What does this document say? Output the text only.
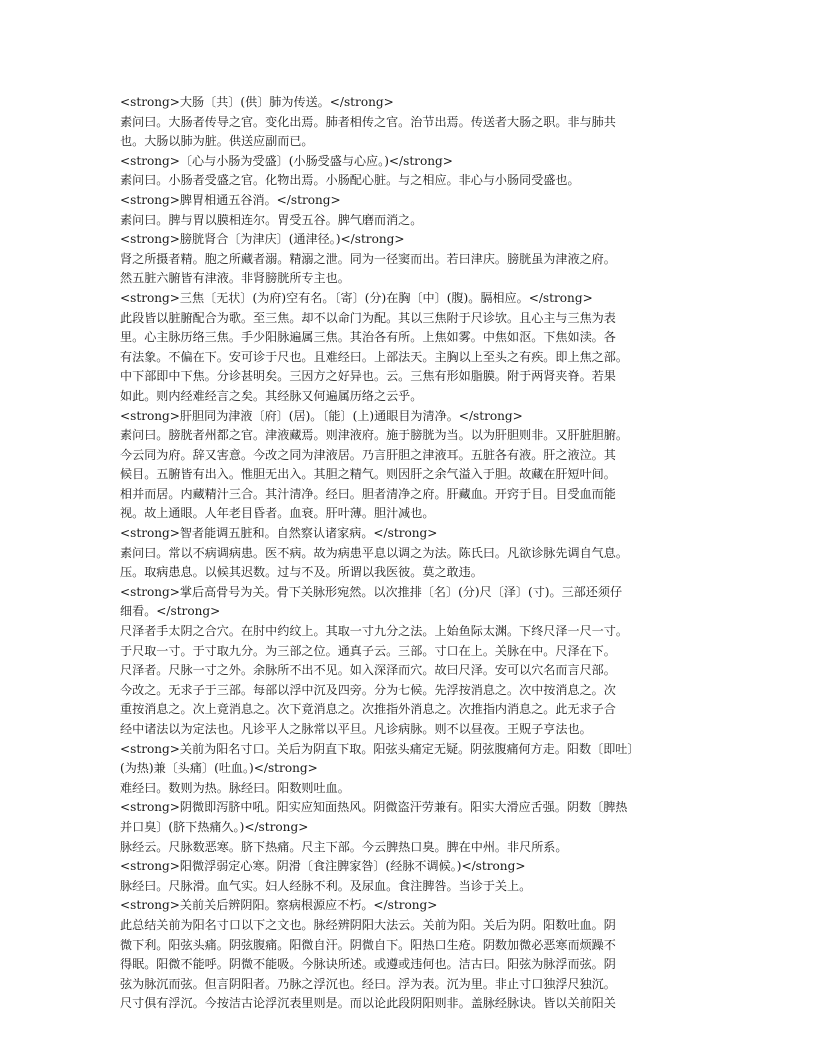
<strong>大肠〔共〕(供〕肺为传送。</strong>

素问曰。大肠者传导之官。变化出焉。肺者相传之官。治节出焉。传送者大肠之职。非与肺共

也。大肠以肺为脏。供送应副而已。

<strong>〔心与小肠为受盛〕(小肠受盛与心应。)</strong>

素问曰。小肠者受盛之官。化物出焉。小肠配心脏。与之相应。非心与小肠同受盛也。

<strong>脾胃相通五谷消。</strong>

素问曰。脾与胃以膜相连尔。胃受五谷。脾气磨而消之。

<strong>膀胱肾合〔为津庆〕(通津径。)</strong>

肾之所摄者精。胞之所藏者溺。精溺之泄。同为一径窦而出。若曰津庆。膀胱虽为津液之府。

然五脏六腑皆有津液。非肾膀胱所专主也。

<strong>三焦〔无状〕(为府)空有名。〔寄〕(分)在胸〔中〕(腹)。膈相应。</strong>

此段皆以脏腑配合为歌。至三焦。却不以命门为配。其以三焦附于尺诊欤。且心主与三焦为表

里。心主脉历络三焦。手少阳脉遍属三焦。其治各有所。上焦如雾。中焦如沤。下焦如渎。各

有法象。不偏在下。安可诊于尺也。且难经曰。上部法天。主胸以上至头之有疾。即上焦之部。

中下部即中下焦。分诊甚明矣。三因方之好异也。云。三焦有形如脂膜。附于两肾夹脊。若果

如此。则内经难经言之矣。其经脉又何遍属历络之云乎。

<strong>肝胆同为津液〔府〕(居)。〔能〕(上)通眼目为清净。</strong>

素问曰。膀胱者州都之官。津液藏焉。则津液府。施于膀胱为当。以为肝胆则非。又肝脏胆腑。

今云同为府。辞又害意。今改之同为津液居。乃言肝胆之津液耳。五脏各有液。肝之液泣。其

候目。五腑皆有出入。惟胆无出入。其胆之精气。则因肝之余气溢入于胆。故藏在肝短叶间。

相并而居。内藏精汁三合。其汁清净。经曰。胆者清净之府。肝藏血。开窍于目。目受血而能

视。故上通眼。人年老目昏者。血衰。肝叶薄。胆汁减也。

<strong>智者能调五脏和。自然察认诸家病。</strong>

素问曰。常以不病调病患。医不病。故为病患平息以调之为法。陈氏曰。凡欲诊脉先调自气息。

压。取病患息。以候其迟数。过与不及。所谓以我医彼。莫之敢违。

<strong>掌后高骨号为关。骨下关脉形宛然。以次推排〔名〕(分)尺〔泽〕(寸)。三部还须仔

细看。</strong>

尺泽者手太阴之合穴。在肘中约纹上。其取一寸九分之法。上始鱼际太渊。下终尺泽一尺一寸。

于尺取一寸。于寸取九分。为三部之位。通真子云。三部。寸口在上。关脉在中。尺泽在下。

尺泽者。尺脉一寸之外。余脉所不出不见。如入深泽而穴。故曰尺泽。安可以穴名而言尺部。

今改之。无求子于三部。每部以浮中沉及四旁。分为七候。先浮按消息之。次中按消息之。次

重按消息之。次上竟消息之。次下竟消息之。次推指外消息之。次推指内消息之。此无求子合

经中诸法以为定法也。凡诊平人之脉常以平旦。凡诊病脉。则不以昼夜。王贶子亨法也。

<strong>关前为阳名寸口。关后为阴直下取。阳弦头痛定无疑。阴弦腹痛何方走。阳数〔即吐〕

(为热)兼〔头痛〕(吐血。)</strong>

难经曰。数则为热。脉经曰。阳数则吐血。

<strong>阴微即泻脐中吼。阳实应知面热风。阴微盗汗劳兼有。阳实大滑应舌强。阴数〔脾热

并口臭〕(脐下热痛久。)</strong>

脉经云。尺脉数恶寒。脐下热痛。尺主下部。今云脾热口臭。脾在中州。非尺所系。

<strong>阳微浮弱定心寒。阴滑〔食注脾家咎〕(经脉不调候。)</strong>

脉经曰。尺脉滑。血气实。妇人经脉不利。及尿血。食注脾咎。当诊于关上。

<strong>关前关后辨阴阳。察病根源应不朽。</strong>

此总结关前为阳名寸口以下之文也。脉经辨阴阳大法云。关前为阳。关后为阴。阳数吐血。阴

微下利。阳弦头痛。阴弦腹痛。阳微自汗。阴微自下。阳热口生疮。阴数加微必恶寒而烦躁不

得眠。阳微不能呼。阴微不能吸。今脉诀所述。或遵或违何也。洁古曰。阳弦为脉浮而弦。阴

弦为脉沉而弦。但言阴阳者。乃脉之浮沉也。经曰。浮为表。沉为里。非止寸口独浮尺独沉。

尺寸俱有浮沉。今按洁古论浮沉表里则是。而以论此段阴阳则非。盖脉经脉诀。皆以关前阳关
